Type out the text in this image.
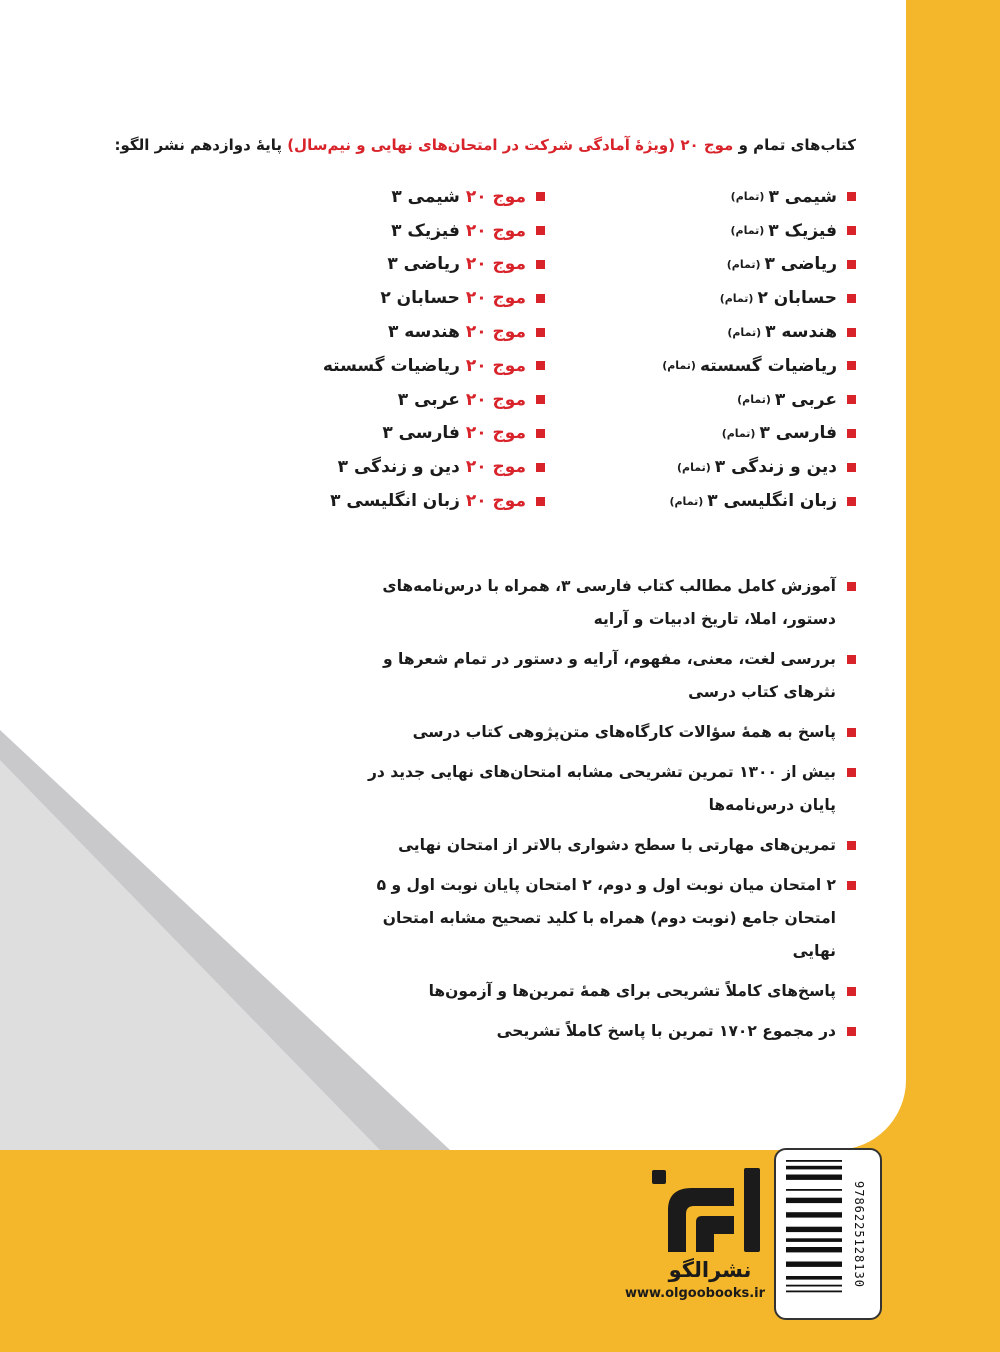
کتاب‌های تمام و موج ۲۰ (ویژهٔ آمادگی شرکت در امتحان‌های نهایی و نیم‌سال) پایهٔ دوازدهم نشر الگو:
شیمی ۳
(تمام)
فیزیک ۳
(تمام)
ریاضی ۳
(تمام)
حسابان ۲
(تمام)
هندسه ۳
(تمام)
ریاضیات گسسته
(تمام)
عربی ۳
(تمام)
فارسی ۳
(تمام)
دین و زندگی ۳
(تمام)
زبان انگلیسی ۳
(تمام)
موج ۲۰
شیمی ۳
موج ۲۰
فیزیک ۳
موج ۲۰
ریاضی ۳
موج ۲۰
حسابان ۲
موج ۲۰
هندسه ۳
موج ۲۰
ریاضیات گسسته
موج ۲۰
عربی ۳
موج ۲۰
فارسی ۳
موج ۲۰
دین و زندگی ۳
موج ۲۰
زبان انگلیسی ۳
آموزش کامل مطالب کتاب فارسی ۳، همراه با درس‌نامه‌های دستور، املا، تاریخ ادبیات و آرایه
بررسی لغت، معنی، مفهوم، آرایه و دستور در تمام شعرها و نثرهای کتاب درسی
پاسخ به همهٔ سؤالات کارگاه‌های متن‌پژوهی کتاب درسی
بیش از ۱۳۰۰ تمرین تشریحی مشابه امتحان‌های نهایی جدید در پایان درس‌نامه‌ها
تمرین‌های مهارتی با سطح دشواری بالاتر از امتحان نهایی
۲ امتحان میان نوبت اول و دوم، ۲ امتحان پایان نوبت اول و ۵ امتحان جامع (نوبت دوم) همراه با کلید تصحیح مشابه امتحان نهایی
پاسخ‌های کاملاً تشریحی برای همهٔ تمرین‌ها و آزمون‌ها
در مجموع ۱۷۰۲ تمرین با پاسخ کاملاً تشریحی
9786225128130
نشرالگو
www.olgoobooks.ir
